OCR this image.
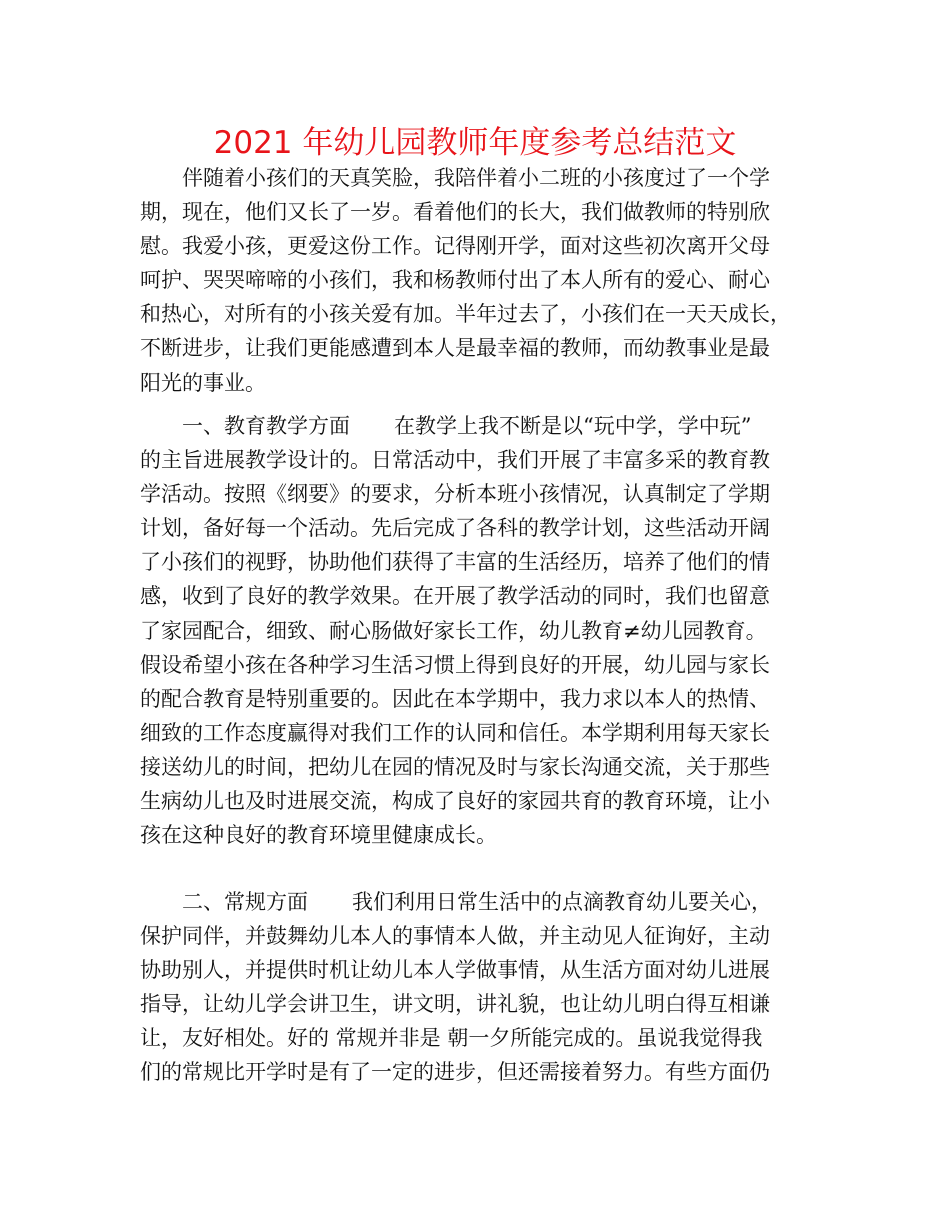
2021 年幼儿园教师年度参考总结范文
伴随着小孩们的天真笑脸，我陪伴着小二班的小孩度过了一个学
期，现在，他们又长了一岁。看着他们的长大，我们做教师的特别欣
慰。我爱小孩，更爱这份工作。记得刚开学，面对这些初次离开父母
呵护、哭哭啼啼的小孩们，我和杨教师付出了本人所有的爱心、耐心
和热心，对所有的小孩关爱有加。半年过去了，小孩们在一天天成长，
不断进步，让我们更能感遭到本人是最幸福的教师，而幼教事业是最
阳光的事业。
一、教育教学方面 在教学上我不断是以“玩中学，学中玩”
的主旨进展教学设计的。日常活动中，我们开展了丰富多采的教育教
学活动。按照《纲要》的要求，分析本班小孩情况，认真制定了学期
计划，备好每一个活动。先后完成了各科的教学计划，这些活动开阔
了小孩们的视野，协助他们获得了丰富的生活经历，培养了他们的情
感，收到了良好的教学效果。在开展了教学活动的同时，我们也留意
了家园配合，细致、耐心肠做好家长工作，幼儿教育≠幼儿园教育。
假设希望小孩在各种学习生活习惯上得到良好的开展，幼儿园与家长
的配合教育是特别重要的。因此在本学期中，我力求以本人的热情、
细致的工作态度赢得对我们工作的认同和信任。本学期利用每天家长
接送幼儿的时间，把幼儿在园的情况及时与家长沟通交流，关于那些
生病幼儿也及时进展交流，构成了良好的家园共育的教育环境，让小
孩在这种良好的教育环境里健康成长。
二、常规方面 我们利用日常生活中的点滴教育幼儿要关心，
保护同伴，并鼓舞幼儿本人的事情本人做，并主动见人征询好，主动
协助别人，并提供时机让幼儿本人学做事情，从生活方面对幼儿进展
指导，让幼儿学会讲卫生，讲文明，讲礼貌，也让幼儿明白得互相谦
让，友好相处。好的 常规并非是 朝一夕所能完成的。虽说我觉得我
们的常规比开学时是有了一定的进步，但还需接着努力。有些方面仍
